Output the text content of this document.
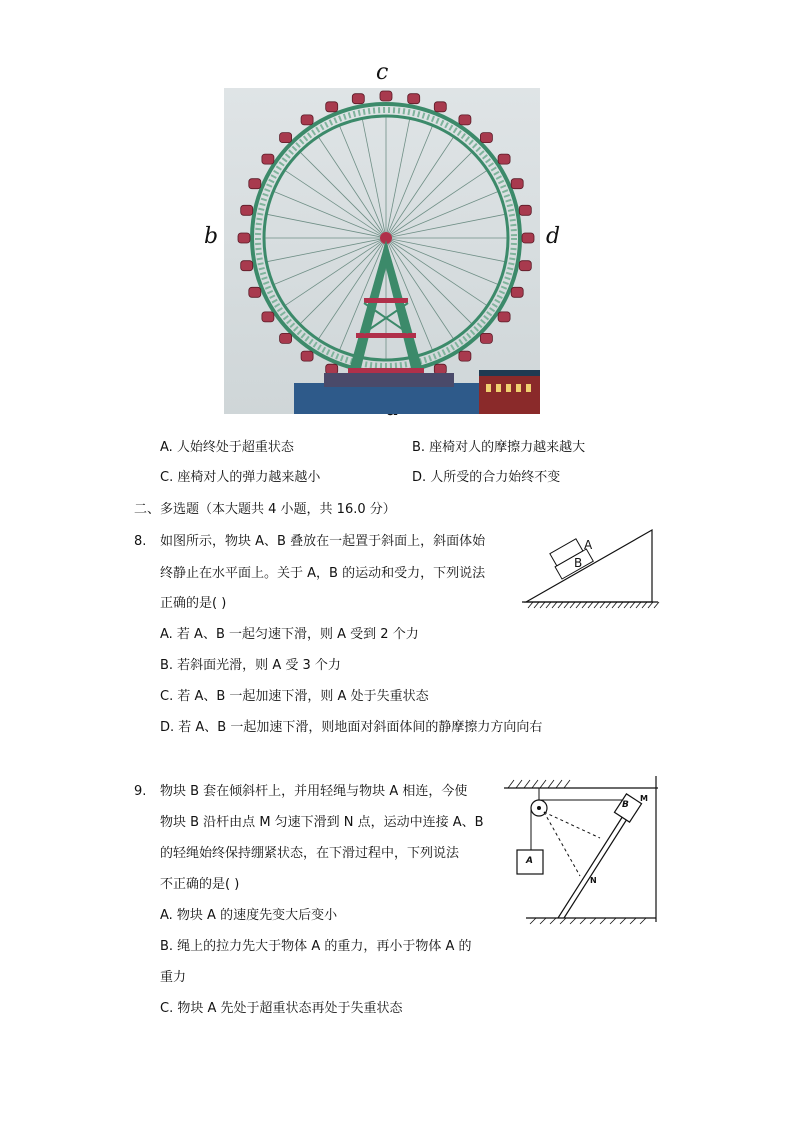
c
b	d
A. 人始终处于超重状态	B. 座椅对人的摩擦力越来越大
C. 座椅对人的弹力越来越小	D. 人所受的合力始终不变
二、多选题（本大题共 4 小题，共 16.0 分）
8. 如图所示，物块 A、B 叠放在一起置于斜面上，斜面体始
终静止在水平面上。关于 A，B 的运动和受力，下列说法
正确的是( )
A. 若 A、B 一起匀速下滑，则 A 受到 2 个力
B. 若斜面光滑，则 A 受 3 个力
C. 若 A、B 一起加速下滑，则 A 处于失重状态
D. 若 A、B 一起加速下滑，则地面对斜面体间的静摩擦力方向向右
A
B
9. 物块 B 套在倾斜杆上，并用轻绳与物块 A 相连，今使
物块 B 沿杆由点 M 匀速下滑到 N 点，运动中连接 A、B
的轻绳始终保持绷紧状态，在下滑过程中，下列说法
不正确的是( )
A. 物块 A 的速度先变大后变小
B. 绳上的拉力先大于物体 A 的重力，再小于物体 A 的
重力
C. 物块 A 先处于超重状态再处于失重状态
A
B
M
N
